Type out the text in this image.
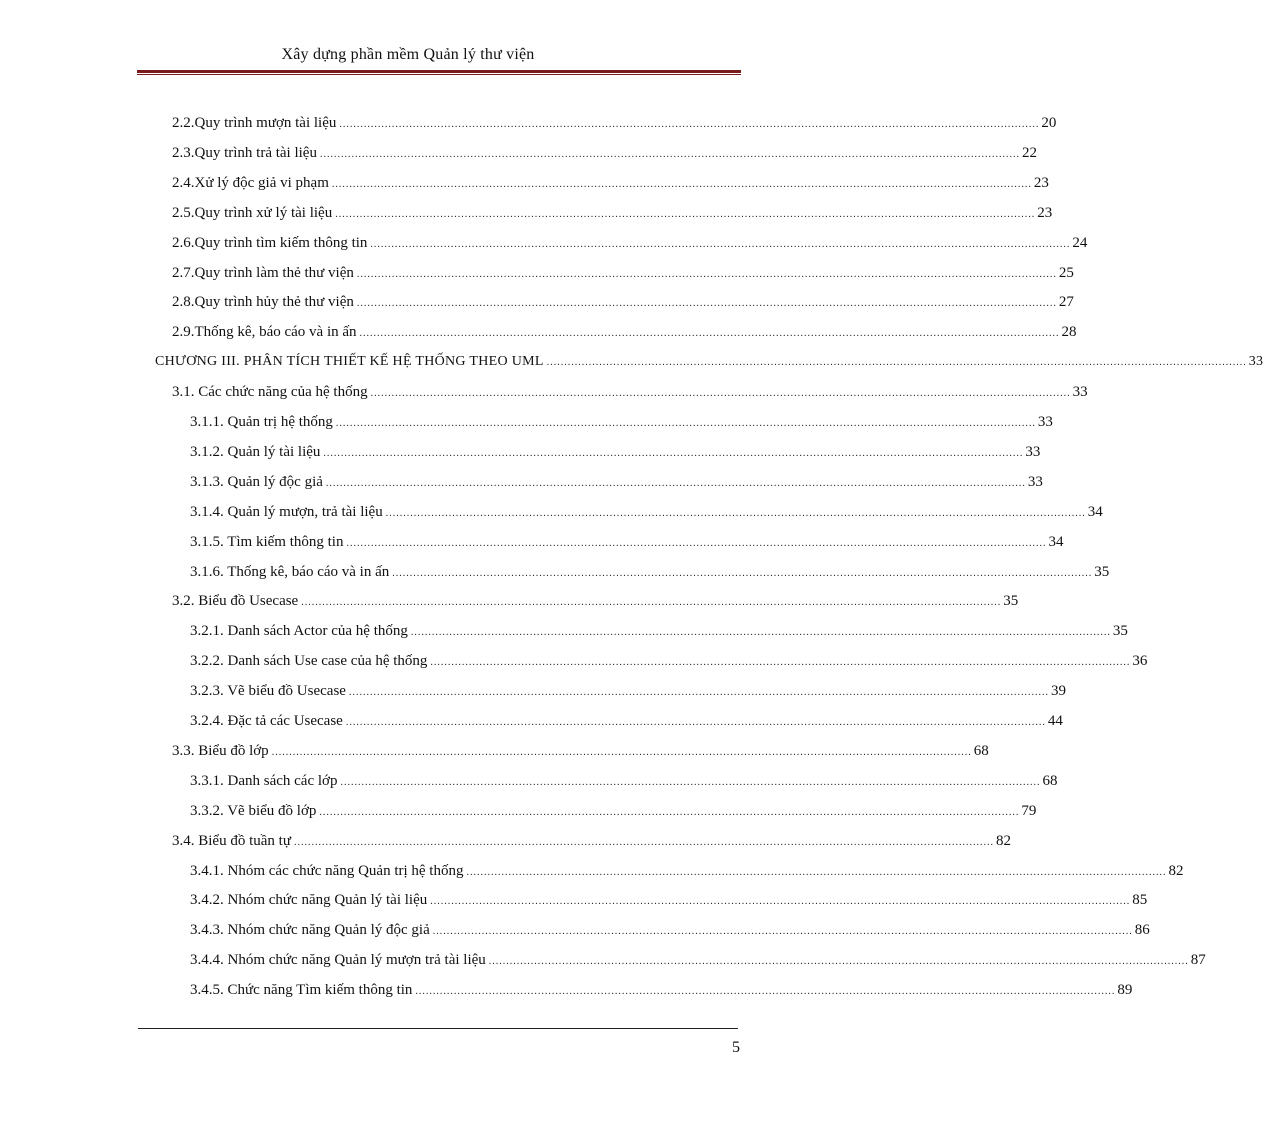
Xây dựng phần mềm Quản lý thư viện
2.2. Quy trình mượn tài liệu ........................................................................................................................................................................................................ 20
2.3. Quy trình trả tài liệu ........................................................................................................................................................................................................ 22
2.4. Xử lý độc giả vi phạm ........................................................................................................................................................................................................ 23
2.5. Quy trình xử lý tài liệu ........................................................................................................................................................................................................ 23
2.6. Quy trình tìm kiếm thông tin ........................................................................................................................................................................................................ 24
2.7. Quy trình làm thẻ thư viện ........................................................................................................................................................................................................ 25
2.8. Quy trình hủy thẻ thư viện ........................................................................................................................................................................................................ 27
2.9. Thống kê, báo cáo và in ấn ........................................................................................................................................................................................................ 28
CHƯƠNG III. PHÂN TÍCH THIẾT KẾ HỆ THỐNG THEO UML ........................................................................................................................................................................................................ 33
3.1. Các chức năng của hệ thống ........................................................................................................................................................................................................ 33
3.1.1. Quản trị hệ thống ........................................................................................................................................................................................................ 33
3.1.2. Quản lý tài liệu ........................................................................................................................................................................................................ 33
3.1.3. Quản lý độc giả ........................................................................................................................................................................................................ 33
3.1.4. Quản lý mượn, trả tài liệu ........................................................................................................................................................................................................ 34
3.1.5. Tìm kiếm thông tin ........................................................................................................................................................................................................ 34
3.1.6. Thống kê, báo cáo và in ấn ........................................................................................................................................................................................................ 35
3.2. Biểu đồ Usecase ........................................................................................................................................................................................................ 35
3.2.1. Danh sách Actor của hệ thống ........................................................................................................................................................................................................ 35
3.2.2. Danh sách Use case của hệ thống ........................................................................................................................................................................................................ 36
3.2.3. Vẽ biểu đồ Usecase ........................................................................................................................................................................................................ 39
3.2.4. Đặc tả các Usecase ........................................................................................................................................................................................................ 44
3.3. Biểu đồ lớp ........................................................................................................................................................................................................ 68
3.3.1. Danh sách các lớp ........................................................................................................................................................................................................ 68
3.3.2. Vẽ biểu đồ lớp ........................................................................................................................................................................................................ 79
3.4. Biểu đồ tuần tự ........................................................................................................................................................................................................ 82
3.4.1. Nhóm các chức năng Quản trị hệ thống ........................................................................................................................................................................................................ 82
3.4.2. Nhóm chức năng Quản lý tài liệu ........................................................................................................................................................................................................ 85
3.4.3. Nhóm chức năng Quản lý độc giả ........................................................................................................................................................................................................ 86
3.4.4. Nhóm chức năng Quản lý mượn trả tài liệu ........................................................................................................................................................................................................ 87
3.4.5. Chức năng Tìm kiếm thông tin ........................................................................................................................................................................................................ 89
5
